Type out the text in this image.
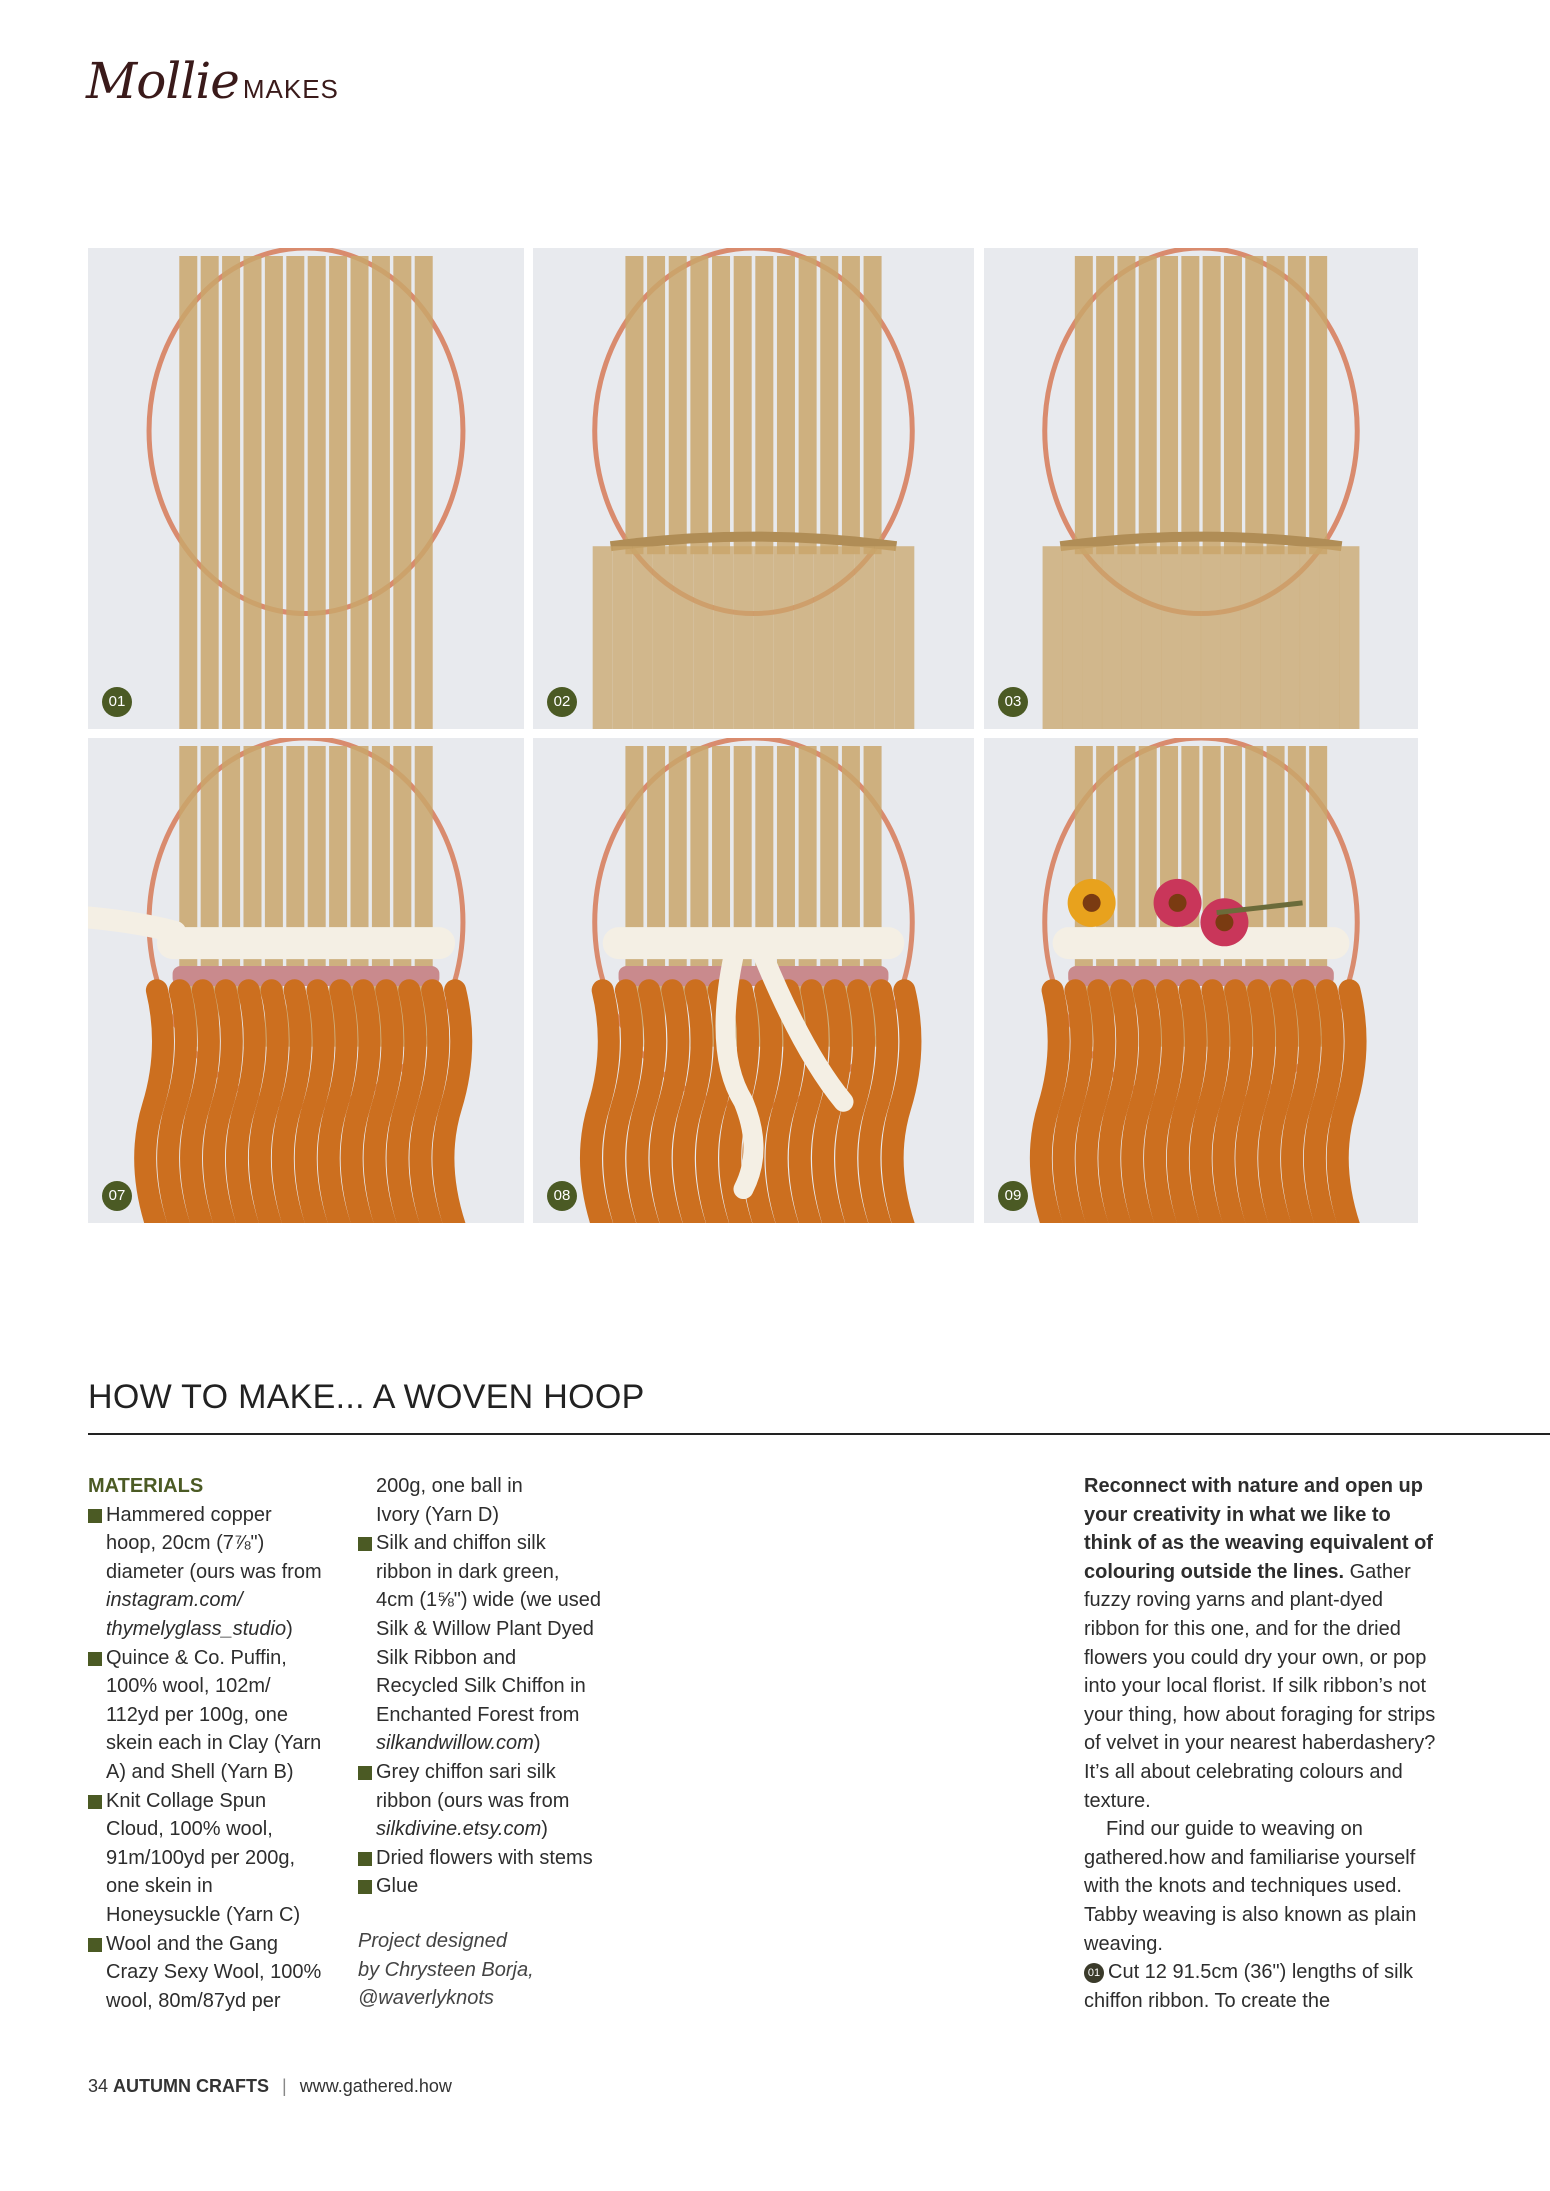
Mollie MAKES
01	02	03
07	08	09
HOW TO MAKE... A WOVEN HOOP
MATERIALS
Hammered copper
hoop, 20cm (7⅞")
diameter (ours was from
instagram.com/
thymelyglass_studio)
Quince & Co. Puffin,
100% wool, 102m/
112yd per 100g, one
skein each in Clay (Yarn
A) and Shell (Yarn B)
Knit Collage Spun
Cloud, 100% wool,
91m/100yd per 200g,
one skein in
Honeysuckle (Yarn C)
Wool and the Gang
Crazy Sexy Wool, 100%
wool, 80m/87yd per
200g, one ball in
Ivory (Yarn D)
Silk and chiffon silk
ribbon in dark green,
4cm (1⅝") wide (we used
Silk & Willow Plant Dyed
Silk Ribbon and
Recycled Silk Chiffon in
Enchanted Forest from
silkandwillow.com)
Grey chiffon sari silk
ribbon (ours was from
silkdivine.etsy.com)
Dried flowers with stems
Glue
Project designed
by Chrysteen Borja,
@waverlyknots
Reconnect with nature and open up your creativity in what we like to think of as the weaving equivalent of colouring outside the lines. Gather fuzzy roving yarns and plant-dyed ribbon for this one, and for the dried flowers you could dry your own, or pop into your local florist. If silk ribbon’s not your thing, how about foraging for strips of velvet in your nearest haberdashery? It’s all about celebrating colours and texture.
Find our guide to weaving on gathered.how and familiarise yourself with the knots and techniques used. Tabby weaving is also known as plain weaving.
01 Cut 12 91.5cm (36") lengths of silk chiffon ribbon. To create the
34 AUTUMN CRAFTS | www.gathered.how
